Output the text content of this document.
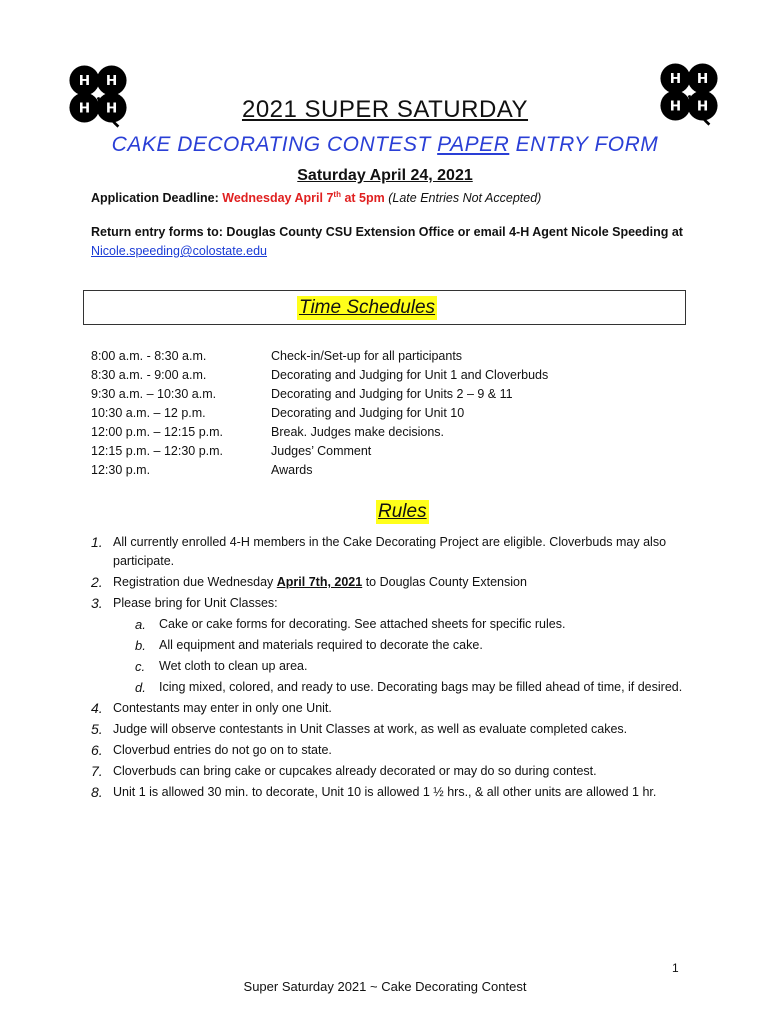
H H
H H
H H
H H
2021 SUPER SATURDAY
CAKE DECORATING CONTEST PAPER ENTRY FORM
Saturday April 24, 2021
Application Deadline: Wednesday April 7th at 5pm (Late Entries Not Accepted)
Return entry forms to: Douglas County CSU Extension Office or email 4-H Agent Nicole Speeding at Nicole.speeding@colostate.edu
Time Schedules
8:00 a.m. - 8:30 a.m.	Check-in/Set-up for all participants
8:30 a.m. - 9:00 a.m.	Decorating and Judging for Unit 1 and Cloverbuds
9:30 a.m. – 10:30 a.m.	Decorating and Judging for Units 2 – 9 & 11
10:30 a.m. – 12 p.m.	Decorating and Judging for Unit 10
12:00 p.m. – 12:15 p.m.	Break. Judges make decisions.
12:15 p.m. – 12:30 p.m.	Judges’ Comment
12:30 p.m.	Awards
Rules
1. All currently enrolled 4-H members in the Cake Decorating Project are eligible. Cloverbuds may also participate.
2. Registration due Wednesday April 7th, 2021 to Douglas County Extension
3. Please bring for Unit Classes:
a. Cake or cake forms for decorating. See attached sheets for specific rules.
b. All equipment and materials required to decorate the cake.
c. Wet cloth to clean up area.
d. Icing mixed, colored, and ready to use. Decorating bags may be filled ahead of time, if desired.
4. Contestants may enter in only one Unit.
5. Judge will observe contestants in Unit Classes at work, as well as evaluate completed cakes.
6. Cloverbud entries do not go on to state.
7. Cloverbuds can bring cake or cupcakes already decorated or may do so during contest.
8. Unit 1 is allowed 30 min. to decorate, Unit 10 is allowed 1 ½ hrs., & all other units are allowed 1 hr.
1
Super Saturday 2021 ~ Cake Decorating Contest
